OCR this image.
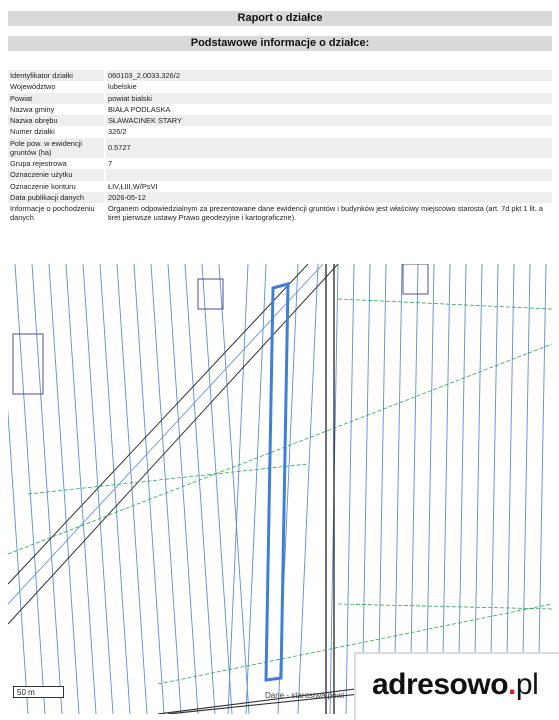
Raport o działce
Podstawowe informacje o działce:
Identyfikator działki	060103_2.0033.326/2
Województwo	lubelskie
Powiat	powiat bialski
Nazwa gminy	BIAŁA PODLASKA
Nazwa obrębu	SŁAWACINEK STARY
Numer działki	326/2
Pole pow. w ewidencji gruntów (ha)	0.5727
Grupa rejestrowa	7
Oznaczenie użytku	
Oznaczenie konturu	ŁIV,ŁIII,W/PsVI
Data publikacji danych	2026-05-12
Informacje o pochodzeniu danych	Organem odpowiedzialnym za prezentowane dane ewidencji gruntów i budynków jest właściwy miejscowo starosta (art. 7d pkt 1 lit. a tiret pierwsze ustawy Prawo geodezyjne i kartograficzne).
50 m	Dane - starostwa powi adresowo.pl
